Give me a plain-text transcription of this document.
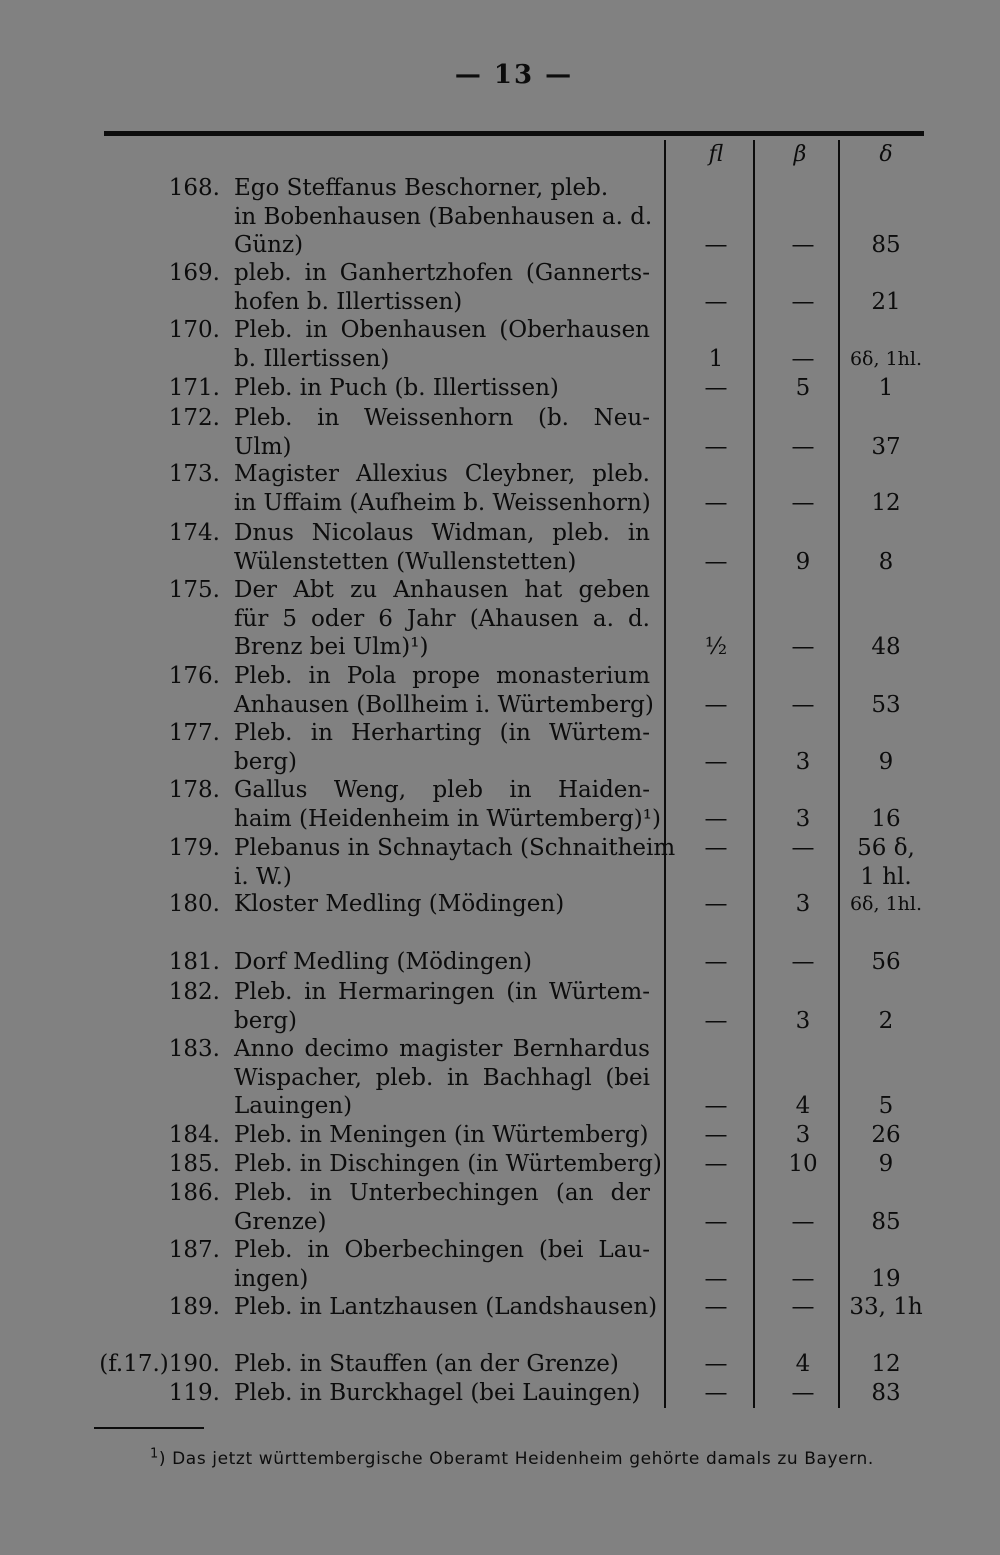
— 13 —
fl	β	δ
168. Ego Steffanus Beschorner, pleb.
in Bobenhausen (Babenhausen a. d.
Günz)	—	—	85
169. pleb. in Ganhertzhofen (Gannerts-
hofen b. Illertissen)	—	—	21
170. Pleb. in Obenhausen (Oberhausen
b. Illertissen)	1	—	6δ, 1hl.
171. Pleb. in Puch (b. Illertissen)	—	5	1
172. Pleb. in Weissenhorn (b. Neu-
Ulm)	—	—	37
173. Magister Allexius Cleybner, pleb.
in Uffaim (Aufheim b. Weissenhorn)	—	—	12
174. Dnus Nicolaus Widman, pleb. in
Wülenstetten (Wullenstetten)	—	9	8
175. Der Abt zu Anhausen hat geben
für 5 oder 6 Jahr (Ahausen a. d.
Brenz bei Ulm)¹)	½	—	48
176. Pleb. in Pola prope monasterium
Anhausen (Bollheim i. Würtemberg)	—	—	53
177. Pleb. in Herharting (in Würtem-
berg)	—	3	9
178. Gallus Weng, pleb in Haiden-
haim (Heidenheim in Würtemberg)¹)	—	3	16
179. Plebanus in Schnaytach (Schnaitheim
i. W.)
—	—	56 δ,
1 hl.
180. Kloster Medling (Mödingen)	—	3	6δ, 1hl.
181. Dorf Medling (Mödingen)	—	—	56
182. Pleb. in Hermaringen (in Würtem-
berg)	—	3	2
183. Anno decimo magister Bernhardus
Wispacher, pleb. in Bachhagl (bei
Lauingen)	—	4	5
184. Pleb. in Meningen (in Würtemberg)	—	3	26
185. Pleb. in Dischingen (in Würtemberg)	—	10	9
186. Pleb. in Unterbechingen (an der
Grenze)	—	—	85
187. Pleb. in Oberbechingen (bei Lau-
ingen)	—	—	19
189. Pleb. in Lantzhausen (Landshausen)	—	—	33, 1h
(f.17.)190. Pleb. in Stauffen (an der Grenze)	—	4	12
119. Pleb. in Burckhagel (bei Lauingen)	—	—	83
$^1$) Das jetzt württembergische Oberamt Heidenheim gehörte damals zu Bayern.
